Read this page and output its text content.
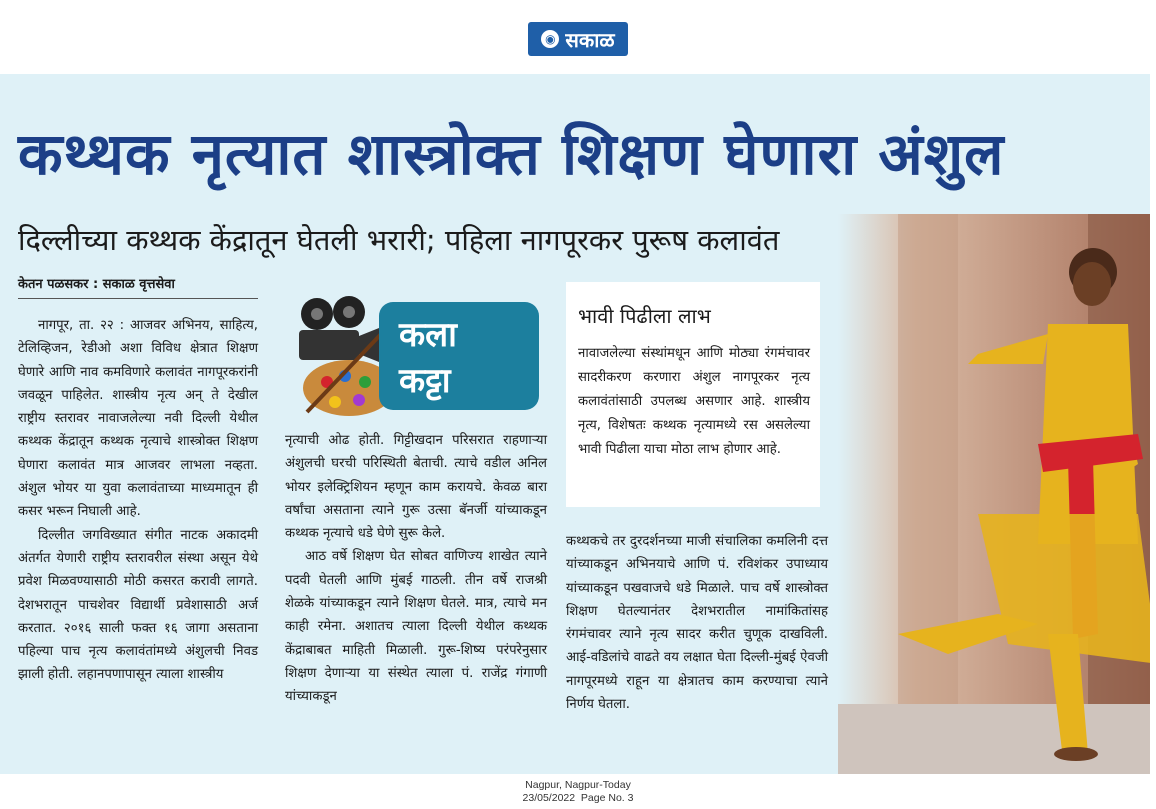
◉ सकाळ
कथ्थक नृत्यात शास्त्रोक्त शिक्षण घेणारा अंशुल
दिल्लीच्या कथ्थक केंद्रातून घेतली भरारी; पहिला नागपूरकर पुरूष कलावंत
केतन पळसकर : सकाळ वृत्तसेवा

नागपूर, ता. २२ : आजवर अभिनय, साहित्य, टेलिव्हिजन, रेडीओ अशा विविध क्षेत्रात शिक्षण घेणारे आणि नाव कमविणारे कलावंत नागपूरकरांनी जवळून पाहिलेत. शास्त्रीय नृत्य अन् ते देखील राष्ट्रीय स्तरावर नावाजलेल्या नवी दिल्ली येथील कथ्थक केंद्रातून कथ्थक नृत्याचे शास्त्रोक्त शिक्षण घेणारा कलावंत मात्र आजवर लाभला नव्हता. अंशुल भोयर या युवा कलावंताच्या माध्यमातून ही कसर भरून निघाली आहे.

दिल्लीत जगविख्यात संगीत नाटक अकादमी अंतर्गत येणारी राष्ट्रीय स्तरावरील संस्था असून येथे प्रवेश मिळवण्यासाठी मोठी कसरत करावी लागते. देशभरातून पाचशेवर विद्यार्थी प्रवेशासाठी अर्ज करतात. २०१६ साली फक्त १६ जागा असताना पहिल्या पाच नृत्य कलावंतांमध्ये अंशुलची निवड झाली होती. लहानपणापासून त्याला शास्त्रीय

कला
कट्टा

नृत्याची ओढ होती. गिट्टीखदान परिसरात राहणाऱ्या अंशुलची घरची परिस्थिती बेताची. त्याचे वडील अनिल भोयर इलेक्ट्रिशियन म्हणून काम करायचे. केवळ बारा वर्षांचा असताना त्याने गुरू उत्सा बॅनर्जी यांच्याकडून कथ्थक नृत्याचे धडे घेणे सुरू केले.

आठ वर्षे शिक्षण घेत सोबत वाणिज्य शाखेत त्याने पदवी घेतली आणि मुंबई गाठली. तीन वर्षे राजश्री शेळके यांच्याकडून त्याने शिक्षण घेतले. मात्र, त्याचे मन काही रमेना. अशातच त्याला दिल्ली येथील कथ्थक केंद्राबाबत माहिती मिळाली. गुरू-शिष्य परंपरेनुसार शिक्षण देणाऱ्या या संस्थेत त्याला पं. राजेंद्र गंगाणी यांच्याकडून

भावी पिढीला लाभ
नावाजलेल्या संस्थांमधून आणि मोठ्या रंगमंचावर सादरीकरण करणारा अंशुल नागपूरकर नृत्य कलावंतांसाठी उपलब्ध असणार आहे. शास्त्रीय नृत्य, विशेषतः कथ्थक नृत्यामध्ये रस असलेल्या भावी पिढीला याचा मोठा लाभ होणार आहे.

कथ्थकचे तर दुरदर्शनच्या माजी संचालिका कमलिनी दत्त यांच्याकडून अभिनयाचे आणि पं. रविशंकर उपाध्याय यांच्याकडून पखवाजचे धडे मिळाले. पाच वर्षे शास्त्रोक्त शिक्षण घेतल्यानंतर देशभरातील नामांकितांसह रंगमंचावर त्याने नृत्य सादर करीत चुणूक दाखविली. आई-वडिलांचे वाढते वय लक्षात घेता दिल्ली-मुंबई ऐवजी नागपूरमध्ये राहून या क्षेत्रातच काम करण्याचा त्याने निर्णय घेतला.

Nagpur, Nagpur-Today
23/05/2022  Page No. 3
